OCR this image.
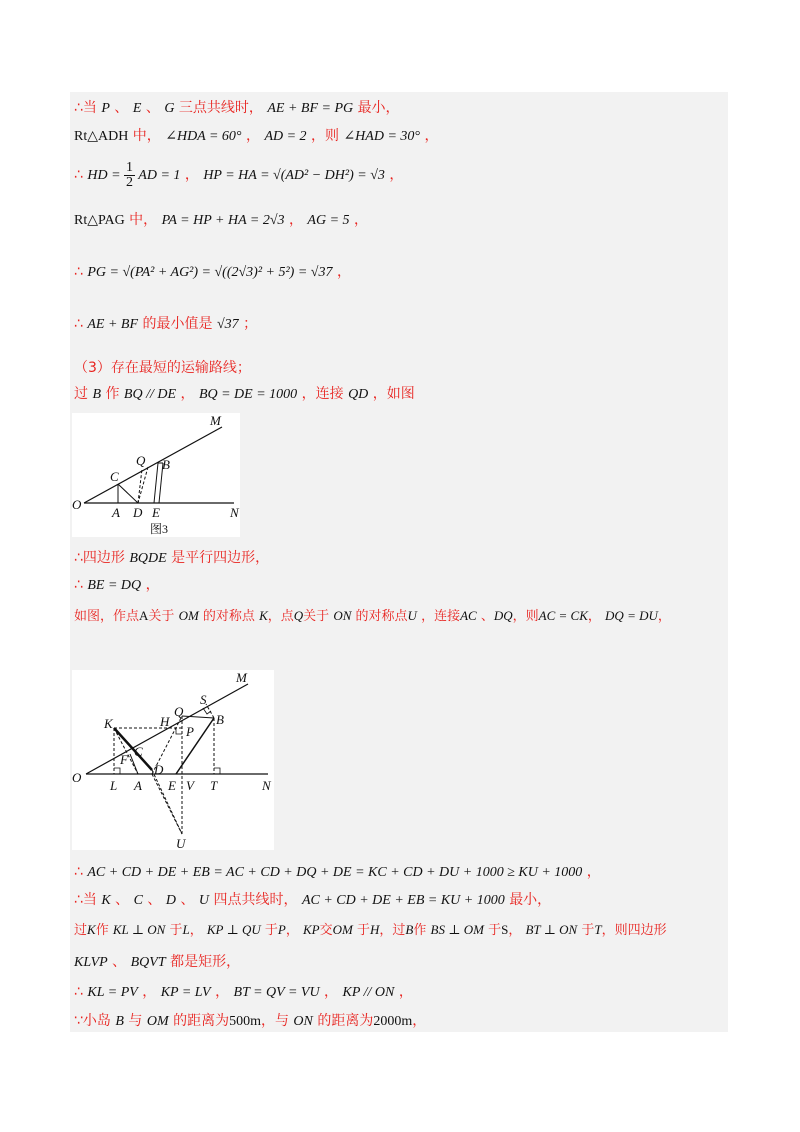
∴当 P 、 E 、 G 三点共线时， AE + BF = PG 最小，
Rt△ADH 中， ∠HDA = 60° ， AD = 2 ，则 ∠HAD = 30° ，
∴ HD = $\frac{1}{2}$ AD = 1 ， HP = HA = √(AD² − DH²) = √3 ，
Rt△PAG 中， PA = HP + HA = 2√3 ， AG = 5 ，
∴ PG = √(PA² + AG²) = √((2√3)² + 5²) = √37 ，
∴ AE + BF 的最小值是 √37 ；
（3）存在最短的运输路线；
过 B 作 BQ // DE ， BQ = DE = 1000 ，连接 QD ，如图
M
C
Q B
O
A D E	N
图3
∴四边形 BQDE 是平行四边形，
∴ BE = DQ ，
如图，作点A关于 OM 的对称点 K，点Q关于 ON 的对称点U ，连接AC 、DQ，则AC = CK， DQ = DU，
M
S
K	H
Q
B
P
C
F
D
O
L A E V T	N
U
∴ AC + CD + DE + EB = AC + CD + DQ + DE = KC + CD + DU + 1000 ≥ KU + 1000 ，
∴当 K 、 C 、 D 、 U 四点共线时， AC + CD + DE + EB = KU + 1000 最小，
过K作 KL ⊥ ON 于L， KP ⊥ QU 于P， KP交OM 于H，过B作 BS ⊥ OM 于S， BT ⊥ ON 于T，则四边形
KLVP 、 BQVT 都是矩形，
∴ KL = PV ， KP = LV ， BT = QV = VU ， KP // ON ，
∵小岛 B 与 OM 的距离为500m，与 ON 的距离为2000m，
